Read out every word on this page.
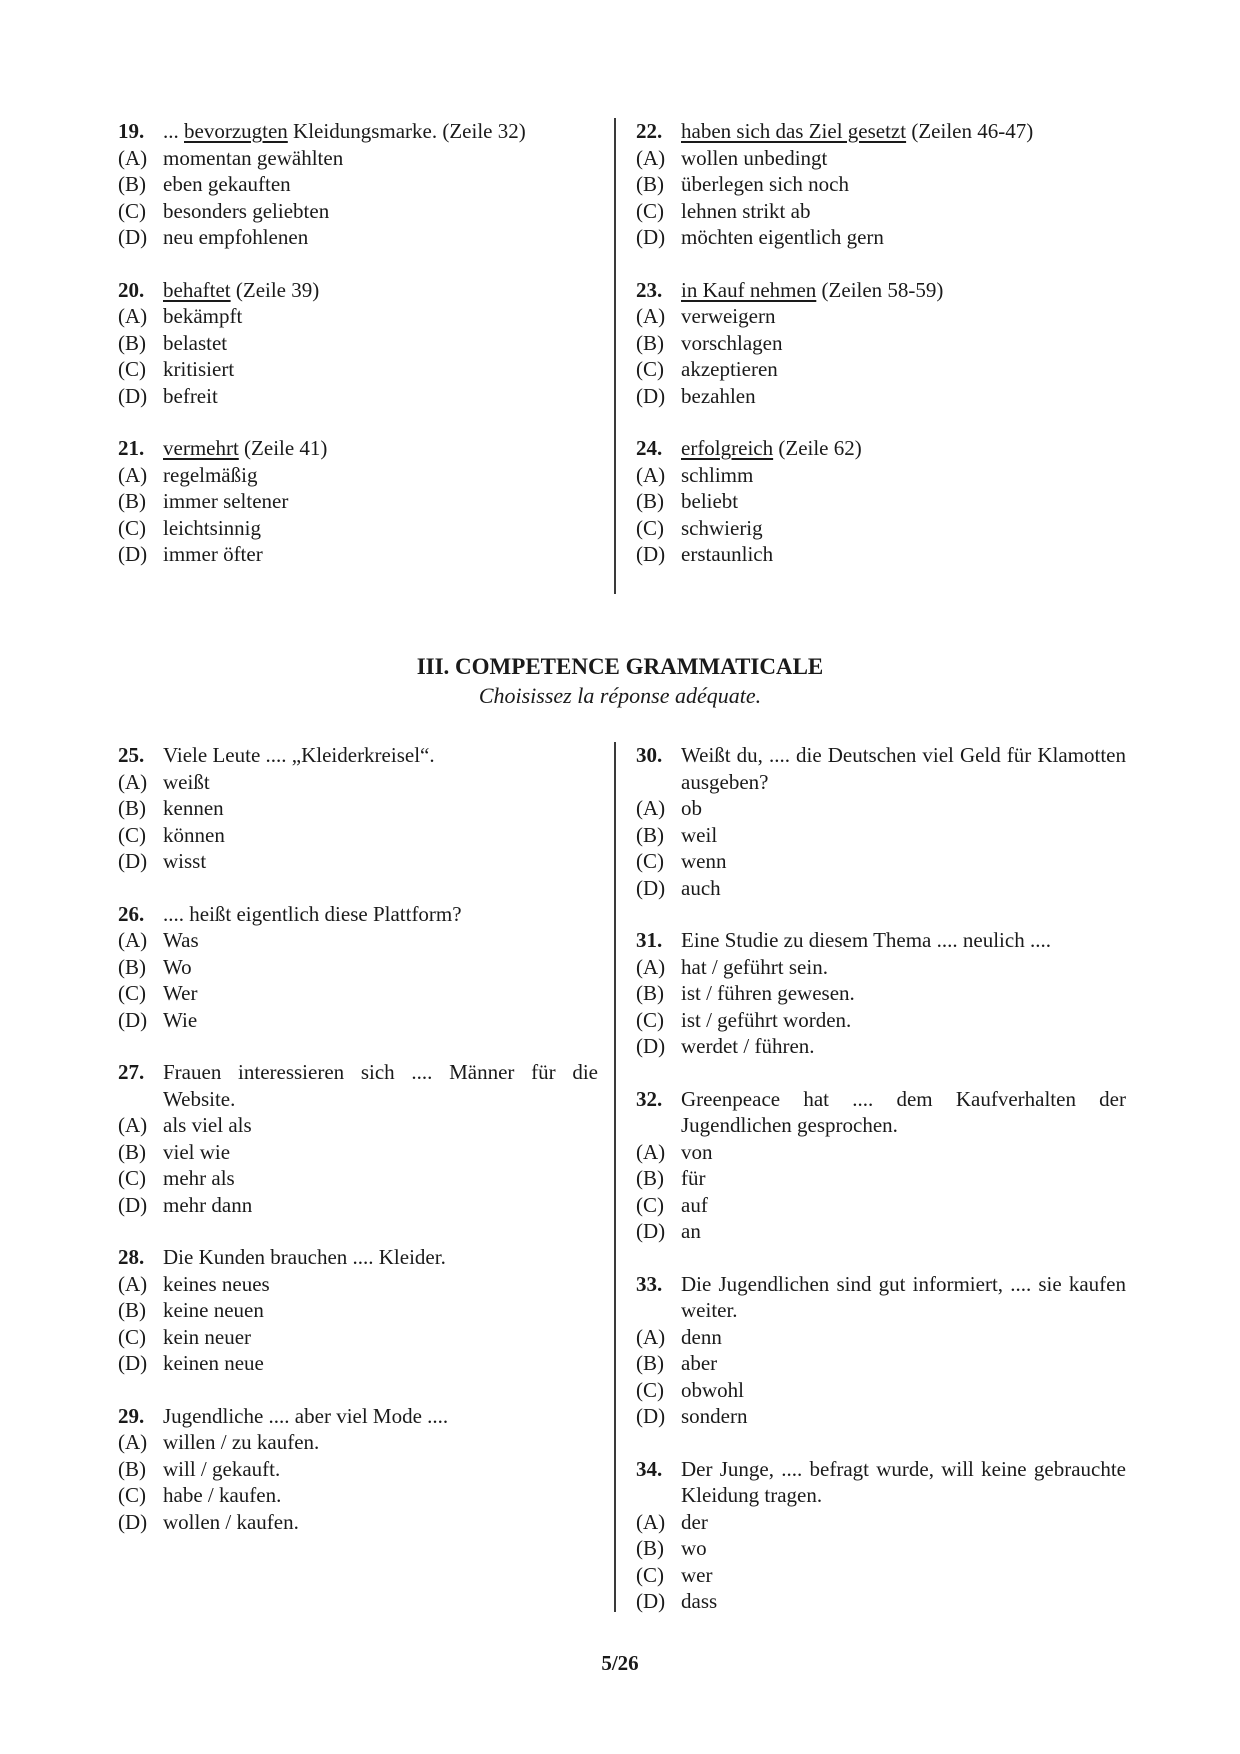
19. ... bevorzugten Kleidungsmarke. (Zeile 32)
(A) momentan gewählten
(B) eben gekauften
(C) besonders geliebten
(D) neu empfohlenen
20. behaftet (Zeile 39)
(A) bekämpft
(B) belastet
(C) kritisiert
(D) befreit
21. vermehrt (Zeile 41)
(A) regelmäßig
(B) immer seltener
(C) leichtsinnig
(D) immer öfter
22. haben sich das Ziel gesetzt (Zeilen 46-47)
(A) wollen unbedingt
(B) überlegen sich noch
(C) lehnen strikt ab
(D) möchten eigentlich gern
23. in Kauf nehmen (Zeilen 58-59)
(A) verweigern
(B) vorschlagen
(C) akzeptieren
(D) bezahlen
24. erfolgreich (Zeile 62)
(A) schlimm
(B) beliebt
(C) schwierig
(D) erstaunlich
III. COMPETENCE GRAMMATICALE
Choisissez la réponse adéquate.
25. Viele Leute .... „Kleiderkreisel“.
(A) weißt
(B) kennen
(C) können
(D) wisst
26. .... heißt eigentlich diese Plattform?
(A) Was
(B) Wo
(C) Wer
(D) Wie
27. Frauen interessieren sich .... Männer für die Website.
(A) als viel als
(B) viel wie
(C) mehr als
(D) mehr dann
28. Die Kunden brauchen .... Kleider.
(A) keines neues
(B) keine neuen
(C) kein neuer
(D) keinen neue
29. Jugendliche .... aber viel Mode ....
(A) willen / zu kaufen.
(B) will / gekauft.
(C) habe / kaufen.
(D) wollen / kaufen.
30. Weißt du, .... die Deutschen viel Geld für Klamotten ausgeben?
(A) ob
(B) weil
(C) wenn
(D) auch
31. Eine Studie zu diesem Thema .... neulich ....
(A) hat / geführt sein.
(B) ist / führen gewesen.
(C) ist / geführt worden.
(D) werdet / führen.
32. Greenpeace hat .... dem Kaufverhalten der Jugendlichen gesprochen.
(A) von
(B) für
(C) auf
(D) an
33. Die Jugendlichen sind gut informiert, .... sie kaufen weiter.
(A) denn
(B) aber
(C) obwohl
(D) sondern
34. Der Junge, .... befragt wurde, will keine gebrauchte Kleidung tragen.
(A) der
(B) wo
(C) wer
(D) dass
5/26
